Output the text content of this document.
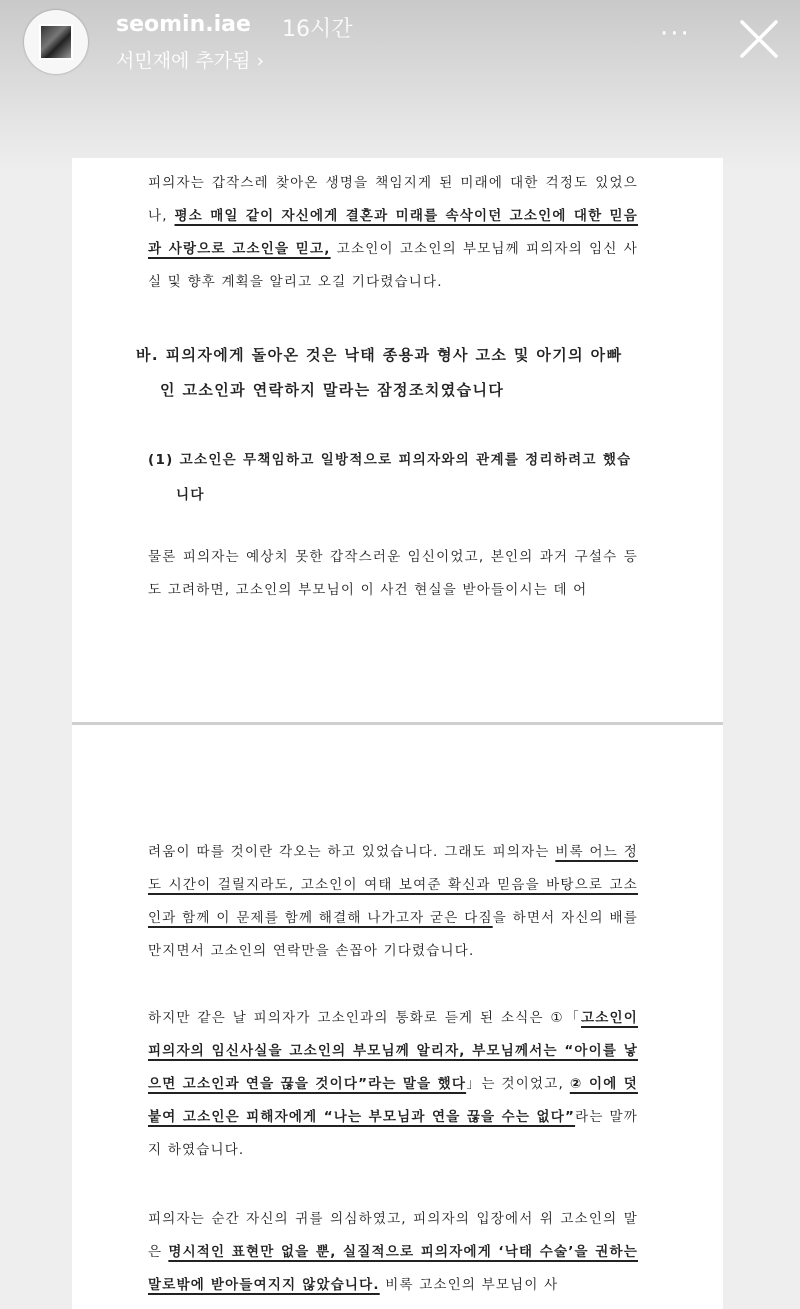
seomin.iae 16시간
서민재에 추가됨 ›
···
피의자는 갑작스레 찾아온 생명을 책임지게 된 미래에 대한 걱정도 있었으나, 평소 매일 같이 자신에게 결혼과 미래를 속삭이던 고소인에 대한 믿음과 사랑으로 고소인을 믿고, 고소인이 고소인의 부모님께 피의자의 임신 사실 및 향후 계획을 알리고 오길 기다렸습니다.
바. 피의자에게 돌아온 것은 낙태 종용과 형사 고소 및 아기의 아빠
인 고소인과 연락하지 말라는 잠정조치였습니다
(1) 고소인은 무책임하고 일방적으로 피의자와의 관계를 정리하려고 했습
니다
물론 피의자는 예상치 못한 갑작스러운 임신이었고, 본인의 과거 구설수 등도 고려하면, 고소인의 부모님이 이 사건 현실을 받아들이시는 데 어
려움이 따를 것이란 각오는 하고 있었습니다. 그래도 피의자는 비록 어느 정도 시간이 걸릴지라도, 고소인이 여태 보여준 확신과 믿음을 바탕으로 고소인과 함께 이 문제를 함께 해결해 나가고자 굳은 다짐을 하면서 자신의 배를 만지면서 고소인의 연락만을 손꼽아 기다렸습니다.
하지만 같은 날 피의자가 고소인과의 통화로 듣게 된 소식은 ①「고소인이 피의자의 임신사실을 고소인의 부모님께 알리자, 부모님께서는 “아이를 낳으면 고소인과 연을 끊을 것이다”라는 말을 했다」는 것이었고, ② 이에 덧붙여 고소인은 피해자에게 “나는 부모님과 연을 끊을 수는 없다”라는 말까지 하였습니다.
피의자는 순간 자신의 귀를 의심하였고, 피의자의 입장에서 위 고소인의 말은 명시적인 표현만 없을 뿐, 실질적으로 피의자에게 ‘낙태 수술’을 권하는 말로밖에 받아들여지지 않았습니다. 비록 고소인의 부모님이 사
